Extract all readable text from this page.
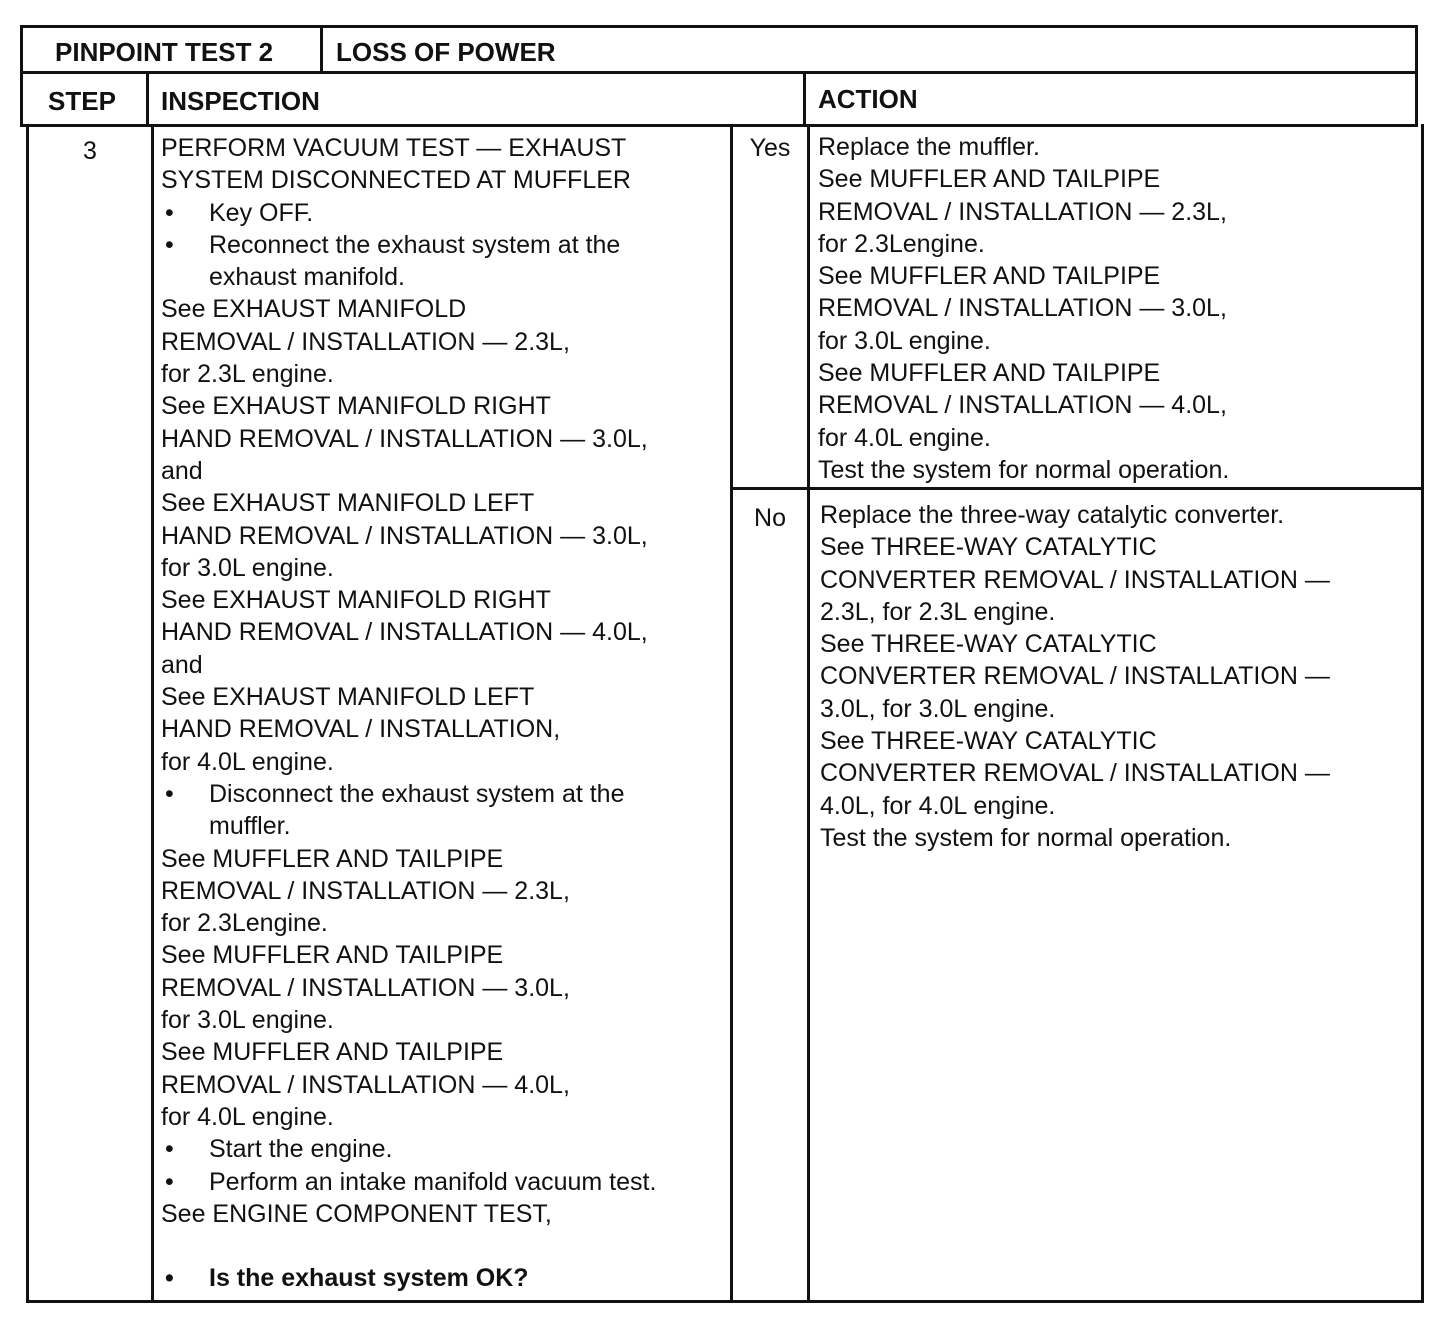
PINPOINT TEST 2 LOSS OF POWER
STEP INSPECTION	ACTION
3	PERFORM VACUUM TEST — EXHAUST
SYSTEM DISCONNECTED AT MUFFLER
• Key OFF.
• Reconnect the exhaust system at the
exhaust manifold.
See EXHAUST MANIFOLD
REMOVAL / INSTALLATION — 2.3L,
for 2.3L engine.
See EXHAUST MANIFOLD RIGHT
HAND REMOVAL / INSTALLATION — 3.0L,
and
See EXHAUST MANIFOLD LEFT
HAND REMOVAL / INSTALLATION — 3.0L,
for 3.0L engine.
See EXHAUST MANIFOLD RIGHT
HAND REMOVAL / INSTALLATION — 4.0L,
and
See EXHAUST MANIFOLD LEFT
HAND REMOVAL / INSTALLATION,
for 4.0L engine.
• Disconnect the exhaust system at the
muffler.
See MUFFLER AND TAILPIPE
REMOVAL / INSTALLATION — 2.3L,
for 2.3Lengine.
See MUFFLER AND TAILPIPE
REMOVAL / INSTALLATION — 3.0L,
for 3.0L engine.
See MUFFLER AND TAILPIPE
REMOVAL / INSTALLATION — 4.0L,
for 4.0L engine.
• Start the engine.
• Perform an intake manifold vacuum test.
See ENGINE COMPONENT TEST,
• Is the exhaust system OK?
Yes
No
Replace the muffler.
See MUFFLER AND TAILPIPE
REMOVAL / INSTALLATION — 2.3L,
for 2.3Lengine.
See MUFFLER AND TAILPIPE
REMOVAL / INSTALLATION — 3.0L,
for 3.0L engine.
See MUFFLER AND TAILPIPE
REMOVAL / INSTALLATION — 4.0L,
for 4.0L engine.
Test the system for normal operation.
Replace the three-way catalytic converter.
See THREE-WAY CATALYTIC
CONVERTER REMOVAL / INSTALLATION —
2.3L, for 2.3L engine.
See THREE-WAY CATALYTIC
CONVERTER REMOVAL / INSTALLATION —
3.0L, for 3.0L engine.
See THREE-WAY CATALYTIC
CONVERTER REMOVAL / INSTALLATION —
4.0L, for 4.0L engine.
Test the system for normal operation.
